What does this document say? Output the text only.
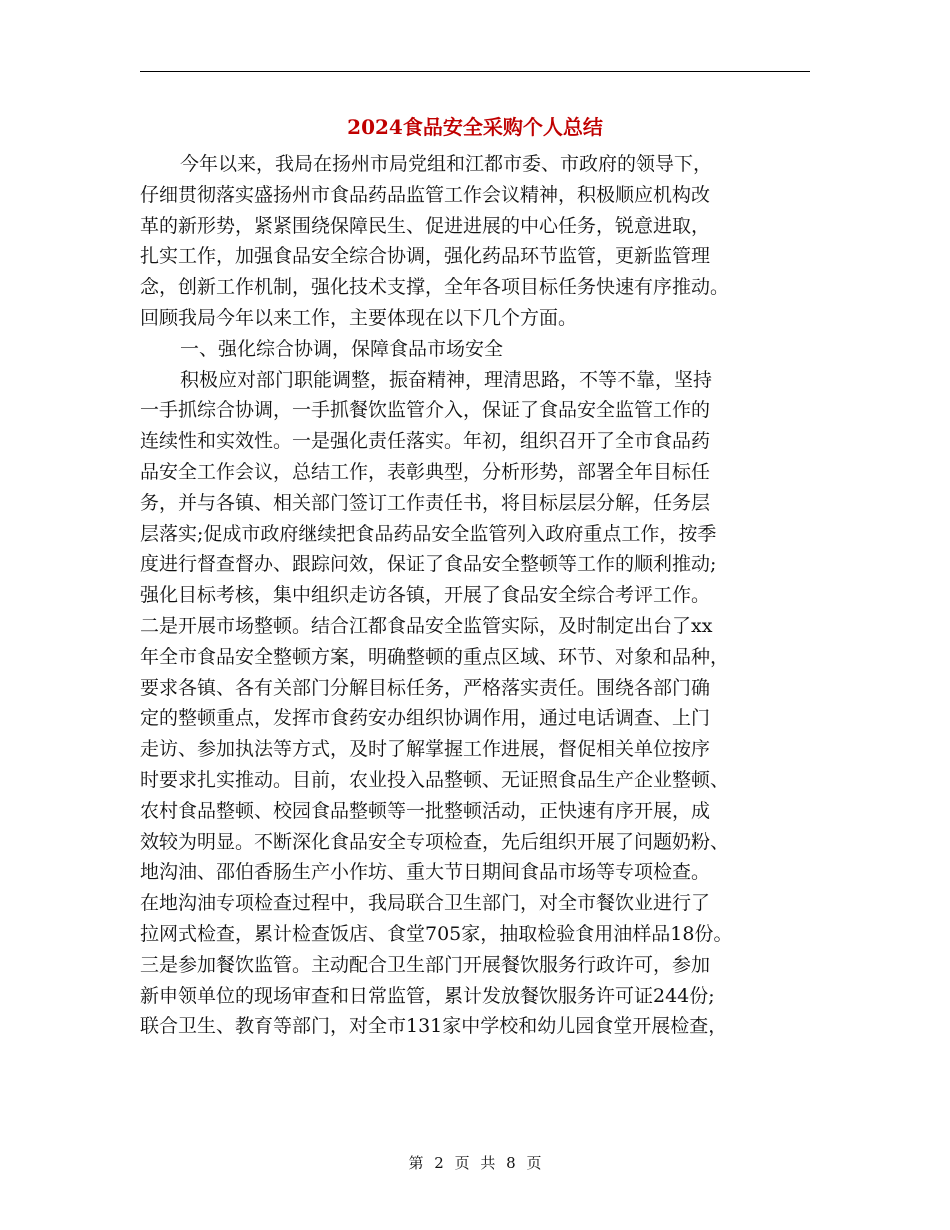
2024食品安全采购个人总结
今年以来，我局在扬州市局党组和江都市委、市政府的领导下，
仔细贯彻落实盛扬州市食品药品监管工作会议精神，积极顺应机构改
革的新形势，紧紧围绕保障民生、促进进展的中心任务，锐意进取，
扎实工作，加强食品安全综合协调，强化药品环节监管，更新监管理
念，创新工作机制，强化技术支撑，全年各项目标任务快速有序推动。
回顾我局今年以来工作，主要体现在以下几个方面。
一、强化综合协调，保障食品市场安全
积极应对部门职能调整，振奋精神，理清思路，不等不靠，坚持
一手抓综合协调，一手抓餐饮监管介入，保证了食品安全监管工作的
连续性和实效性。一是强化责任落实。年初，组织召开了全市食品药
品安全工作会议，总结工作，表彰典型，分析形势，部署全年目标任
务，并与各镇、相关部门签订工作责任书，将目标层层分解，任务层
层落实;促成市政府继续把食品药品安全监管列入政府重点工作，按季
度进行督查督办、跟踪问效，保证了食品安全整顿等工作的顺利推动;
强化目标考核，集中组织走访各镇，开展了食品安全综合考评工作。
二是开展市场整顿。结合江都食品安全监管实际，及时制定出台了xx
年全市食品安全整顿方案，明确整顿的重点区域、环节、对象和品种，
要求各镇、各有关部门分解目标任务，严格落实责任。围绕各部门确
定的整顿重点，发挥市食药安办组织协调作用，通过电话调查、上门
走访、参加执法等方式，及时了解掌握工作进展，督促相关单位按序
时要求扎实推动。目前，农业投入品整顿、无证照食品生产企业整顿、
农村食品整顿、校园食品整顿等一批整顿活动，正快速有序开展，成
效较为明显。不断深化食品安全专项检查，先后组织开展了问题奶粉、
地沟油、邵伯香肠生产小作坊、重大节日期间食品市场等专项检查。
在地沟油专项检查过程中，我局联合卫生部门，对全市餐饮业进行了
拉网式检查，累计检查饭店、食堂705家，抽取检验食用油样品18份。
三是参加餐饮监管。主动配合卫生部门开展餐饮服务行政许可，参加
新申领单位的现场审查和日常监管，累计发放餐饮服务许可证244份;
联合卫生、教育等部门，对全市131家中学校和幼儿园食堂开展检查，
第 2 页 共 8 页
